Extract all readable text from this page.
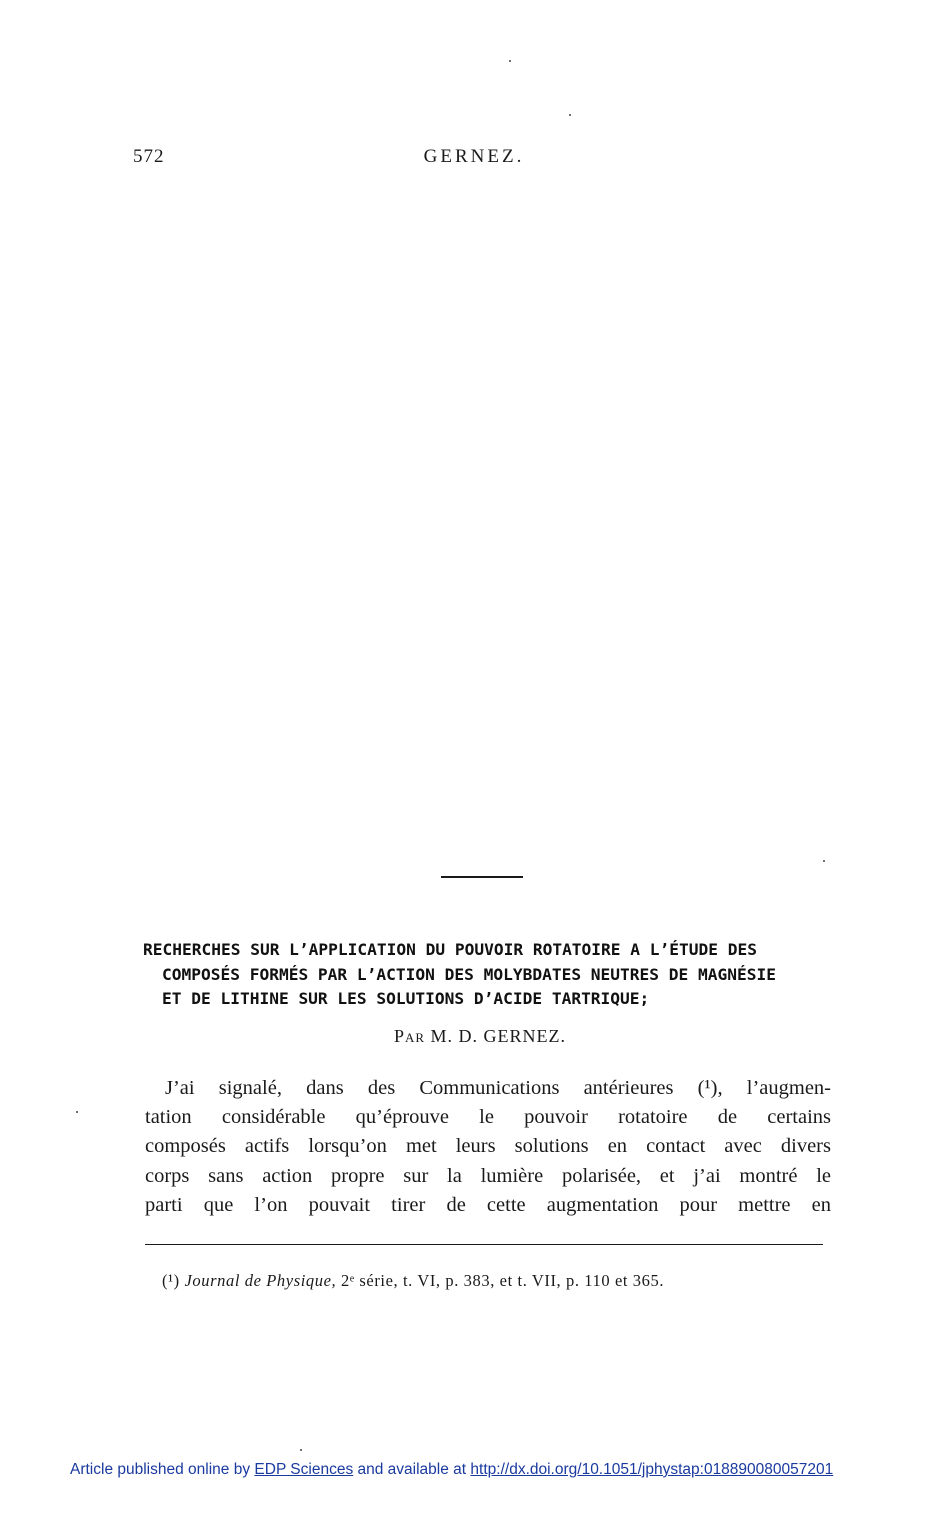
572	GERNEZ.
RECHERCHES SUR L’APPLICATION DU POUVOIR ROTATOIRE A L’ÉTUDE DES
COMPOSÉS FORMÉS PAR L’ACTION DES MOLYBDATES NEUTRES DE MAGNÉSIE
ET DE LITHINE SUR LES SOLUTIONS D’ACIDE TARTRIQUE;
Par M. D. GERNEZ.
J’ai signalé, dans des Communications antérieures (¹), l’augmen-
tation considérable qu’éprouve le pouvoir rotatoire de certains
composés actifs lorsqu’on met leurs solutions en contact avec divers
corps sans action propre sur la lumière polarisée, et j’ai montré le
parti que l’on pouvait tirer de cette augmentation pour mettre en
(¹) Journal de Physique, 2ᵉ série, t. VI, p. 383, et t. VII, p. 110 et 365.
Article published online by EDP Sciences and available at http://dx.doi.org/10.1051/jphystap:018890080057201
